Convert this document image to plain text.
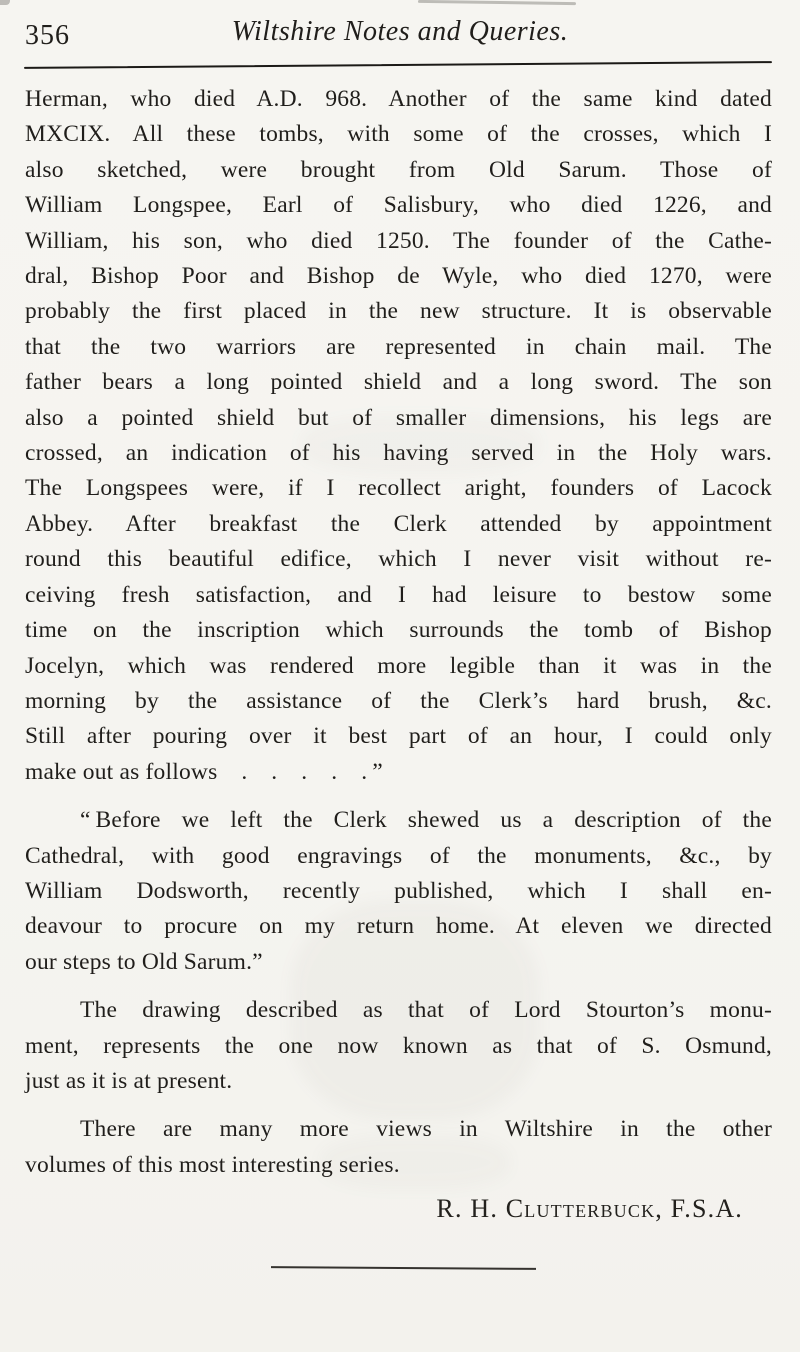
356	Wiltshire Notes and Queries.
Herman, who died A.D. 968. Another of the same kind dated
MXCIX. All these tombs, with some of the crosses, which I
also sketched, were brought from Old Sarum. Those of
William Longspee, Earl of Salisbury, who died 1226, and
William, his son, who died 1250. The founder of the Cathe-
dral, Bishop Poor and Bishop de Wyle, who died 1270, were
probably the first placed in the new structure. It is observable
that the two warriors are represented in chain mail. The
father bears a long pointed shield and a long sword. The son
also a pointed shield but of smaller dimensions, his legs are
crossed, an indication of his having served in the Holy wars.
The Longspees were, if I recollect aright, founders of Lacock
Abbey. After breakfast the Clerk attended by appointment
round this beautiful edifice, which I never visit without re-
ceiving fresh satisfaction, and I had leisure to bestow some
time on the inscription which surrounds the tomb of Bishop
Jocelyn, which was rendered more legible than it was in the
morning by the assistance of the Clerk’s hard brush, &c.
Still after pouring over it best part of an hour, I could only
make out as follows  .  .  .  .  . ”
“ Before we left the Clerk shewed us a description of the
Cathedral, with good engravings of the monuments, &c., by
William Dodsworth, recently published, which I shall en-
deavour to procure on my return home. At eleven we directed
our steps to Old Sarum.”
The drawing described as that of Lord Stourton’s monu-
ment, represents the one now known as that of S. Osmund,
just as it is at present.
There are many more views in Wiltshire in the other
volumes of this most interesting series.
R. H. Clutterbuck, F.S.A.
